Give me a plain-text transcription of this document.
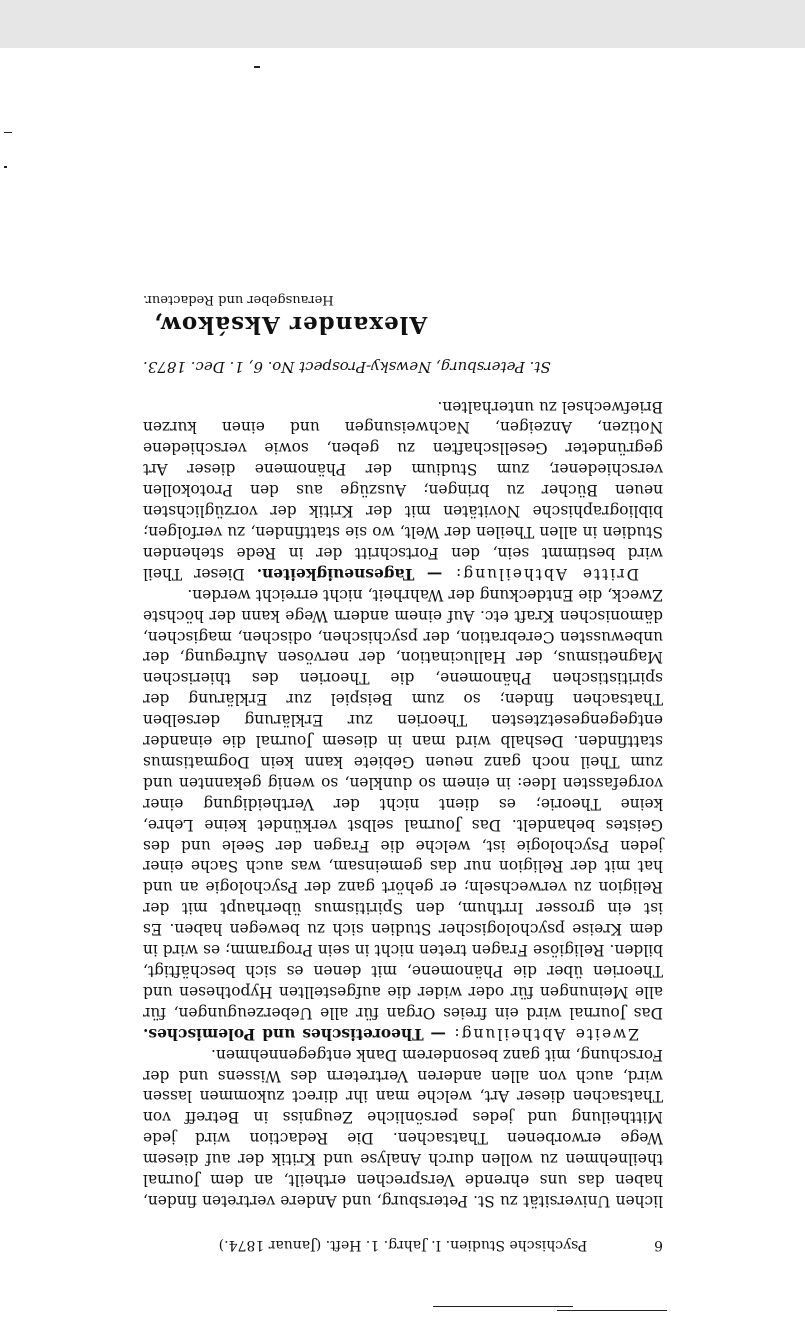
6
Psychische Studien. I. Jahrg. 1. Heft. (Januar 1874.)

lichen Universität zu St. Petersburg, und Andere vertreten finden, haben das uns ehrende Versprechen ertheilt, an dem Journal theilnehmen zu wollen durch Analyse und Kritik der auf diesem Wege erworbenen Thatsachen. Die Redaction wird jede Mittheilung und jedes persönliche Zeugniss in Betreff von Thatsachen dieser Art, welche man ihr direct zukommen lassen wird, auch von allen anderen Vertretern des Wissens und der Forschung, mit ganz besonderem Dank entgegennehmen.

Zweite Abtheilung: — Theoretisches und Polemisches. Das Journal wird ein freies Organ für alle Ueberzeugungen, für alle Meinungen für oder wider die aufgestellten Hypothesen und Theorien über die Phänomene, mit denen es sich beschäftigt, bilden. Religiöse Fragen treten nicht in sein Programm; es wird in dem Kreise psychologischer Studien sich zu bewegen haben. Es ist ein grosser Irrthum, den Spiritismus überhaupt mit der Religion zu verwechseln; er gehört ganz der Psychologie an und hat mit der Religion nur das gemeinsam, was auch Sache einer jeden Psychologie ist, welche die Fragen der Seele und des Geistes behandelt. Das Journal selbst verkündet keine Lehre, keine Theorie; es dient nicht der Vertheidigung einer vorgefassten Idee: in einem so dunklen, so wenig gekannten und zum Theil noch ganz neuen Gebiete kann kein Dogmatismus stattfinden. Deshalb wird man in diesem Journal die einander entgegengesetztesten Theorien zur Erklärung derselben Thatsachen finden; so zum Beispiel zur Erklärung der spiritistischen Phänomene, die Theorien des thierischen Magnetismus, der Hallucination, der nervösen Aufregung, der unbewussten Cerebration, der psychischen, odischen, magischen, dämonischen Kraft etc. Auf einem andern Wege kann der höchste Zweck, die Entdeckung der Wahrheit, nicht erreicht werden.

Dritte Abtheilung: — Tagesneuigkeiten. Dieser Theil wird bestimmt sein, den Fortschritt der in Rede stehenden Studien in allen Theilen der Welt, wo sie stattfinden, zu verfolgen; bibliographische Novitäten mit der Kritik der vorzüglichsten neuen Bücher zu bringen; Auszüge aus den Protokollen verschiedener, zum Studium der Phänomene dieser Art gegründeter Gesellschaften zu geben, sowie verschiedene Notizen, Anzeigen, Nachweisungen und einen kurzen Briefwechsel zu unterhalten.

St. Petersburg, Newsky-Prospect No. 6, 1. Dec. 1873.
Alexander Aksákow,
Herausgeber und Redacteur.
